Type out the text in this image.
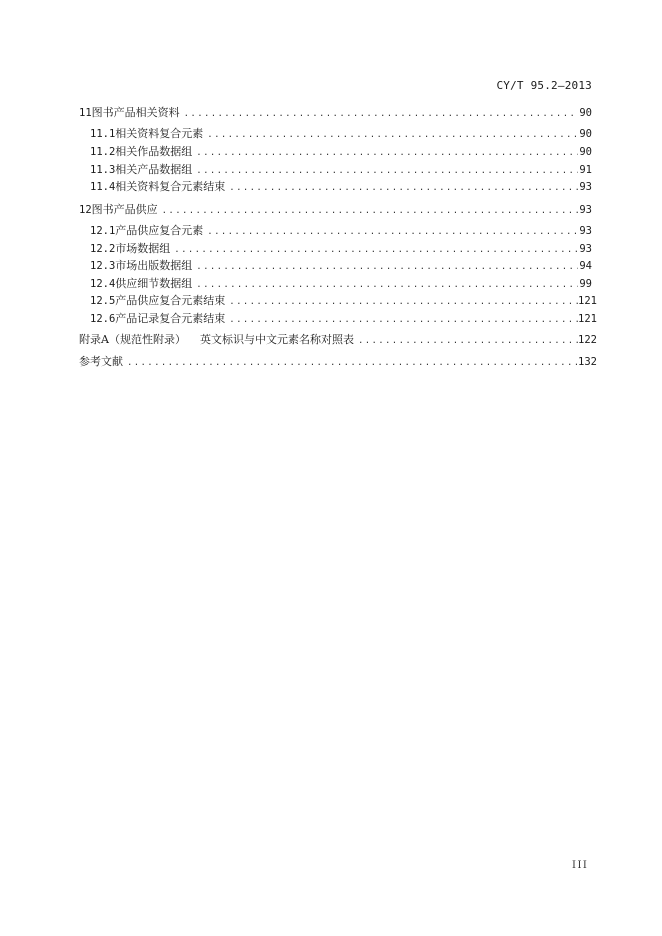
CY/T 95.2—2013
11 图书产品相关资料 .....	90
11.1 相关资料复合元素 .....	90
11.2 相关作品数据组 .....	90
11.3 相关产品数据组 .....	91
11.4 相关资料复合元素结束 .....	93
12 图书产品供应 .....	93
12.1 产品供应复合元素 .....	93
12.2 市场数据组 .....	93
12.3 市场出版数据组 .....	94
12.4 供应细节数据组 .....	99
12.5 产品供应复合元素结束 .....	121
12.6 产品记录复合元素结束 .....	121
附录A（规范性附录）	英文标识与中文元素名称对照表 .....	122
参考文献 .....	132
III
